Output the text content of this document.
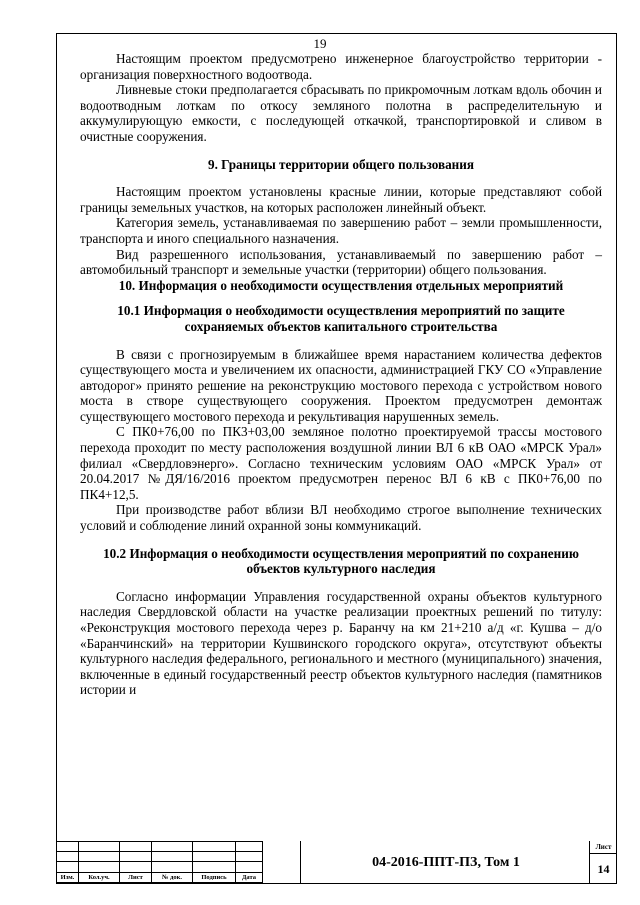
19

Настоящим проектом предусмотрено инженерное благоустройство территории - организация поверхностного водоотвода.

Ливневые стоки предполагается сбрасывать по прикромочным лоткам вдоль обочин и водоотводным лоткам по откосу земляного полотна в распределительную и аккумулирующую емкости, с последующей откачкой, транспортировкой и сливом в очистные сооружения.

9. Границы территории общего пользования

Настоящим проектом установлены красные линии, которые представляют собой границы земельных участков, на которых расположен линейный объект.

Категория земель, устанавливаемая по завершению работ – земли промышленности, транспорта и иного специального назначения.

Вид разрешенного использования, устанавливаемый по завершению работ – автомобильный транспорт и земельные участки (территории) общего пользования.

10. Информация о необходимости осуществления отдельных мероприятий
10.1 Информация о необходимости осуществления мероприятий по защите сохраняемых объектов капитального строительства

В связи с прогнозируемым в ближайшее время нарастанием количества дефектов существующего моста и увеличением их опасности, администрацией ГКУ СО «Управление автодорог» принято решение на реконструкцию мостового перехода с устройством нового моста в створе существующего сооружения. Проектом предусмотрен демонтаж существующего мостового перехода и рекультивация нарушенных земель.

С ПК0+76,00 по ПК3+03,00 земляное полотно проектируемой трассы мостового перехода проходит по месту расположения воздушной линии ВЛ 6 кВ ОАО «МРСК Урал» филиал «Свердловэнерго». Согласно техническим условиям ОАО «МРСК Урал» от 20.04.2017 №ДЯ/16/2016 проектом предусмотрен перенос ВЛ 6 кВ с ПК0+76,00 по ПК4+12,5.

При производстве работ вблизи ВЛ необходимо строгое выполнение технических условий и соблюдение линий охранной зоны коммуникаций.

10.2 Информация о необходимости осуществления мероприятий по сохранению объектов культурного наследия

Согласно информации Управления государственной охраны объектов культурного наследия Свердловской области на участке реализации проектных решений по титулу: «Реконструкция мостового перехода через р. Баранчу на км 21+210 а/д «г. Кушва – д/о «Баранчинский» на территории Кушвинского городского округа», отсутствуют объекты культурного наследия федерального, регионального и местного (муниципального) значения, включенные в единый государственный реестр объектов культурного наследия (памятников истории и

Изм.	Кол.уч.	Лист	№ док.	Подпись	Дата
04-2016-ППТ-ПЗ, Том 1
Лист
14
